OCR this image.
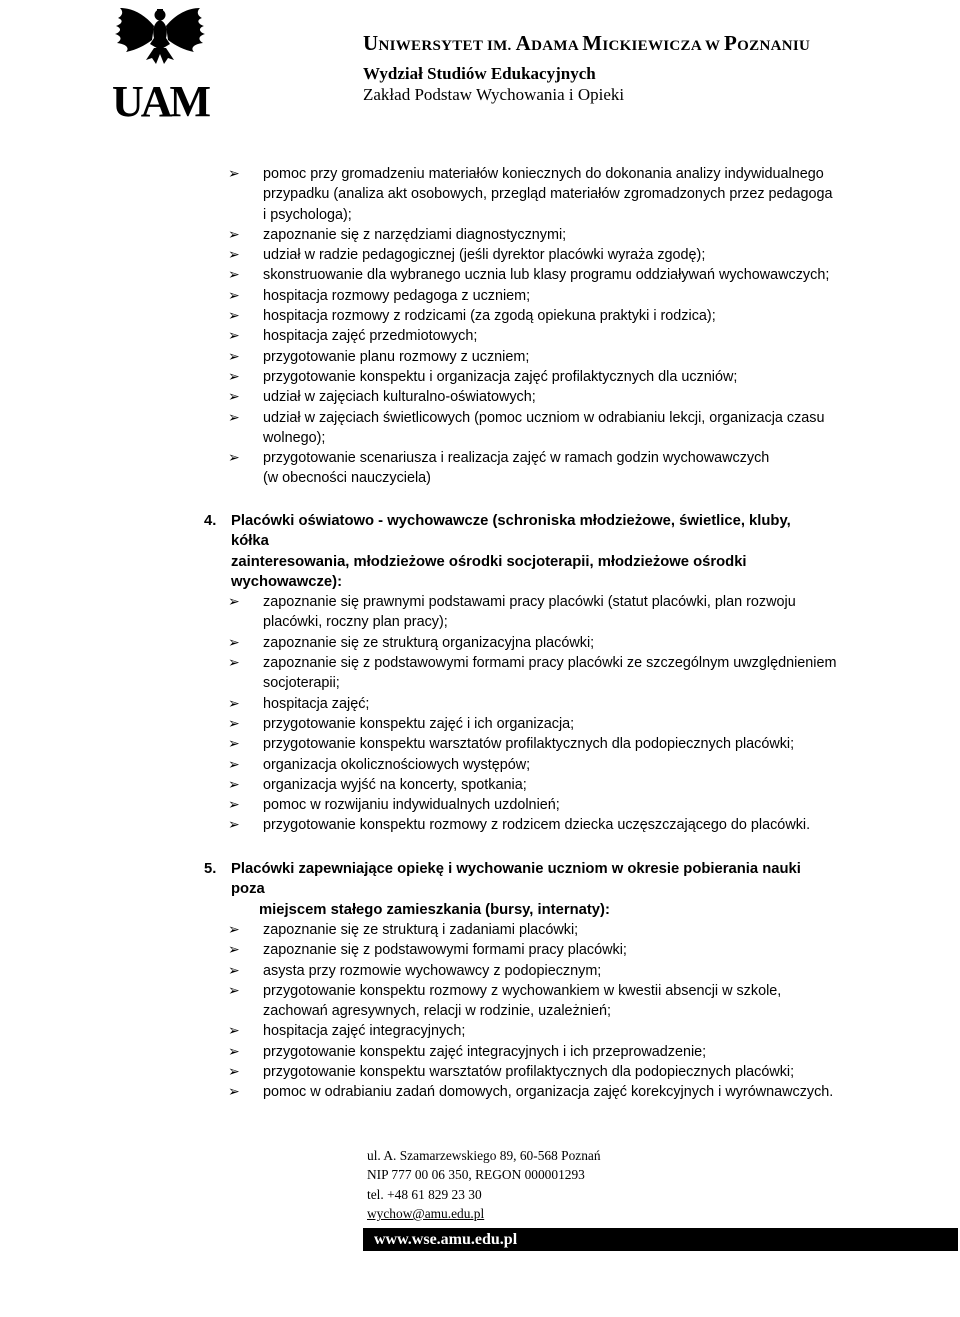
UAM
UNIWERSYTET IM. ADAMA MICKIEWICZA W POZNANIU
Wydział Studiów Edukacyjnych
Zakład Podstaw Wychowania i Opieki
➢ pomoc przy gromadzeniu materiałów koniecznych do dokonania analizy indywidualnego
przypadku (analiza akt osobowych, przegląd materiałów zgromadzonych przez pedagoga
i psychologa);
➢ zapoznanie się z narzędziami diagnostycznymi;
➢ udział w radzie pedagogicznej (jeśli dyrektor placówki wyraża zgodę);
➢ skonstruowanie dla wybranego ucznia lub klasy programu oddziaływań wychowawczych;
➢ hospitacja rozmowy pedagoga z uczniem;
➢ hospitacja rozmowy z rodzicami (za zgodą opiekuna praktyki i rodzica);
➢ hospitacja zajęć przedmiotowych;
➢ przygotowanie planu rozmowy z uczniem;
➢ przygotowanie konspektu i organizacja zajęć profilaktycznych dla uczniów;
➢ udział w zajęciach kulturalno-oświatowych;
➢ udział w zajęciach świetlicowych (pomoc uczniom w odrabianiu lekcji, organizacja czasu
wolnego);
➢ przygotowanie scenariusza i realizacja zajęć w ramach godzin wychowawczych
(w obecności nauczyciela)
4. Placówki oświatowo - wychowawcze (schroniska młodzieżowe, świetlice, kluby, kółka
zainteresowania, młodzieżowe ośrodki socjoterapii, młodzieżowe ośrodki
wychowawcze):
➢ zapoznanie się prawnymi podstawami pracy placówki (statut placówki, plan rozwoju
placówki, roczny plan pracy);
➢ zapoznanie się ze strukturą organizacyjna placówki;
➢ zapoznanie się z podstawowymi formami pracy placówki ze szczególnym uwzględnieniem
socjoterapii;
➢ hospitacja zajęć;
➢ przygotowanie konspektu zajęć i ich organizacja;
➢ przygotowanie konspektu warsztatów profilaktycznych dla podopiecznych placówki;
➢ organizacja okolicznościowych występów;
➢ organizacja wyjść na koncerty, spotkania;
➢ pomoc w rozwijaniu indywidualnych uzdolnień;
➢ przygotowanie konspektu rozmowy z rodzicem dziecka uczęszczającego do placówki.
5. Placówki zapewniające opiekę i wychowanie uczniom w okresie pobierania nauki poza
miejscem stałego zamieszkania (bursy, internaty):
➢ zapoznanie się ze strukturą i zadaniami placówki;
➢ zapoznanie się z podstawowymi formami pracy placówki;
➢ asysta przy rozmowie wychowawcy z podopiecznym;
➢ przygotowanie konspektu rozmowy z wychowankiem w kwestii absencji w szkole,
zachowań agresywnych, relacji w rodzinie, uzależnień;
➢ hospitacja zajęć integracyjnych;
➢ przygotowanie konspektu zajęć integracyjnych i ich przeprowadzenie;
➢ przygotowanie konspektu warsztatów profilaktycznych dla podopiecznych placówki;
➢ pomoc w odrabianiu zadań domowych, organizacja zajęć korekcyjnych i wyrównawczych.
ul. A. Szamarzewskiego 89, 60-568 Poznań
NIP 777 00 06 350, REGON 000001293
tel. +48 61 829 23 30
wychow@amu.edu.pl
www.wse.amu.edu.pl
